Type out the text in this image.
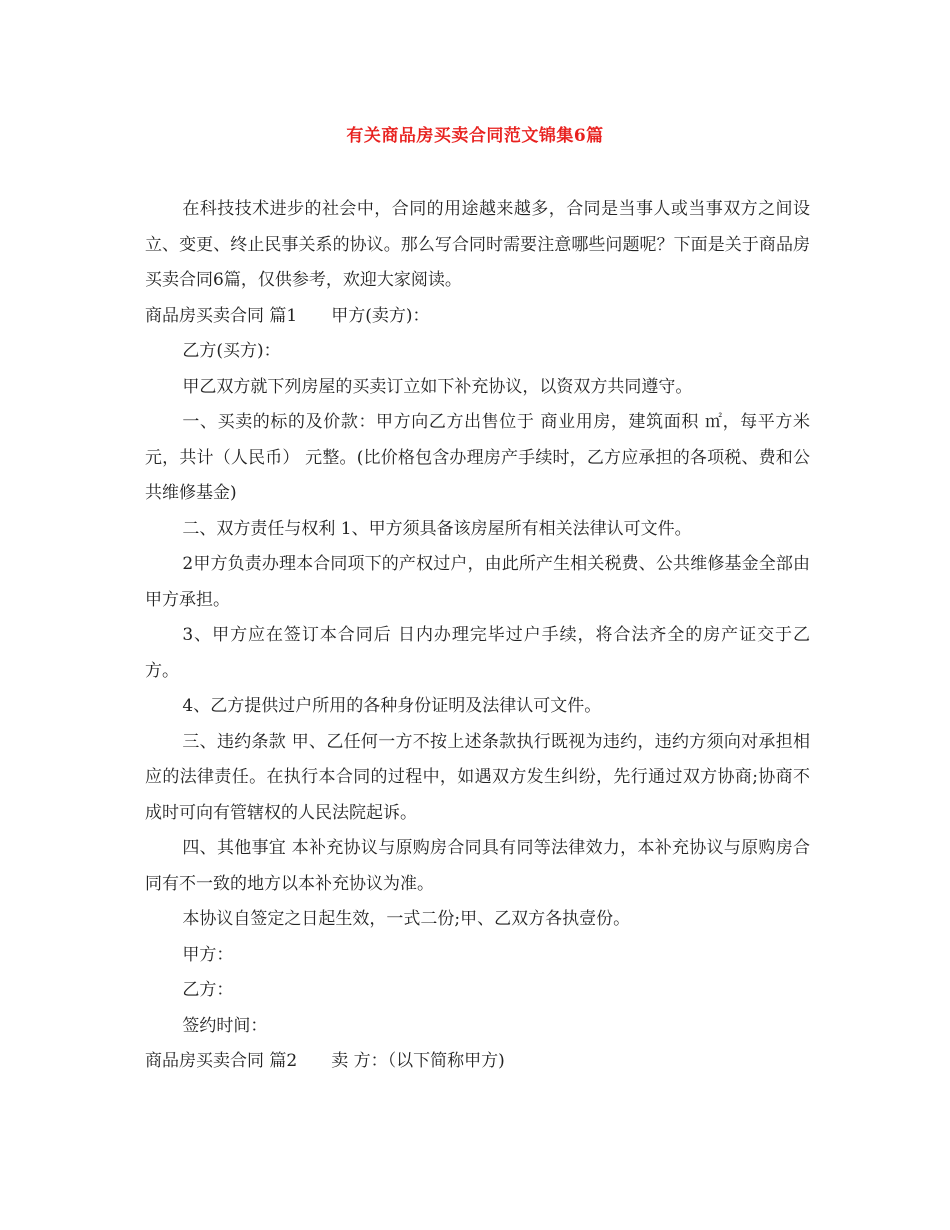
有关商品房买卖合同范文锦集6篇

在科技技术进步的社会中，合同的用途越来越多，合同是当事人或当事双方之间设立、变更、终止民事关系的协议。那么写合同时需要注意哪些问题呢？下面是关于商品房买卖合同6篇，仅供参考，欢迎大家阅读。

商品房买卖合同 篇1 甲方(卖方)：

乙方(买方)：

甲乙双方就下列房屋的买卖订立如下补充协议，以资双方共同遵守。

一、买卖的标的及价款：甲方向乙方出售位于 商业用房，建筑面积 ㎡，每平方米 元，共计（人民币） 元整。(比价格包含办理房产手续时，乙方应承担的各项税、费和公共维修基金)

二、双方责任与权利 1、甲方须具备该房屋所有相关法律认可文件。

2甲方负责办理本合同项下的产权过户，由此所产生相关税费、公共维修基金全部由甲方承担。

3、甲方应在签订本合同后 日内办理完毕过户手续，将合法齐全的房产证交于乙方。

4、乙方提供过户所用的各种身份证明及法律认可文件。

三、违约条款 甲、乙任何一方不按上述条款执行既视为违约，违约方须向对承担相应的法律责任。在执行本合同的过程中，如遇双方发生纠纷，先行通过双方协商;协商不成时可向有管辖权的人民法院起诉。

四、其他事宜 本补充协议与原购房合同具有同等法律效力，本补充协议与原购房合同有不一致的地方以本补充协议为准。

本协议自签定之日起生效，一式二份;甲、乙双方各执壹份。

甲方：

乙方：

签约时间：

商品房买卖合同 篇2 卖 方：（以下简称甲方)
